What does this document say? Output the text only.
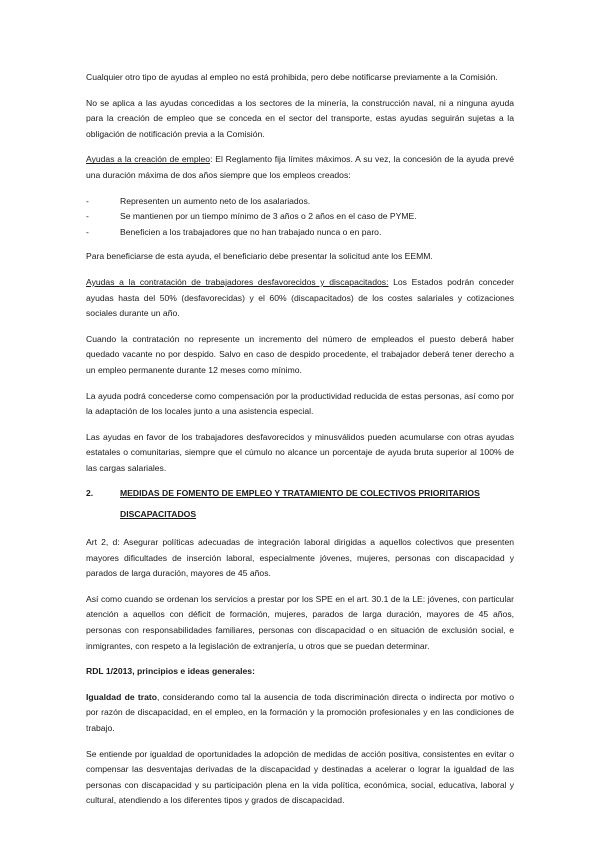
Cualquier otro tipo de ayudas al empleo no está prohibida, pero debe notificarse previamente a la Comisión.

No se aplica a las ayudas concedidas a los sectores de la minería, la construcción naval, ni a ninguna ayuda para la creación de empleo que se conceda en el sector del transporte, estas ayudas seguirán sujetas a la obligación de notificación previa a la Comisión.

Ayudas a la creación de empleo: El Reglamento fija límites máximos. A su vez, la concesión de la ayuda prevé una duración máxima de dos años siempre que los empleos creados:

-	Representen un aumento neto de los asalariados.
-	Se mantienen por un tiempo mínimo de 3 años o 2 años en el caso de PYME.
-	Beneficien a los trabajadores que no han trabajado nunca o en paro.

Para beneficiarse de esta ayuda, el beneficiario debe presentar la solicitud ante los EEMM.

Ayudas a la contratación de trabajadores desfavorecidos y discapacitados: Los Estados podrán conceder ayudas hasta del 50% (desfavorecidas) y el 60% (discapacitados) de los costes salariales y cotizaciones sociales durante un año.

Cuando la contratación no represente un incremento del número de empleados el puesto deberá haber quedado vacante no por despido. Salvo en caso de despido procedente, el trabajador deberá tener derecho a un empleo permanente durante 12 meses como mínimo.

La ayuda podrá concederse como compensación por la productividad reducida de estas personas, así como por la adaptación de los locales junto a una asistencia especial.

Las ayudas en favor de los trabajadores desfavorecidos y minusválidos pueden acumularse con otras ayudas estatales o comunitarias, siempre que el cúmulo no alcance un porcentaje de ayuda bruta superior al 100% de las cargas salariales.

2.	MEDIDAS DE FOMENTO DE EMPLEO Y TRATAMIENTO DE COLECTIVOS PRIORITARIOS
DISCAPACITADOS

Art 2, d: Asegurar políticas adecuadas de integración laboral dirigidas a aquellos colectivos que presenten mayores dificultades de inserción laboral, especialmente jóvenes, mujeres, personas con discapacidad y parados de larga duración, mayores de 45 años.

Así como cuando se ordenan los servicios a prestar por los SPE en el art. 30.1 de la LE: jóvenes, con particular atención a aquellos con déficit de formación, mujeres, parados de larga duración, mayores de 45 años, personas con responsabilidades familiares, personas con discapacidad o en situación de exclusión social, e inmigrantes, con respeto a la legislación de extranjería, u otros que se puedan determinar.

RDL 1/2013, principios e ideas generales:

Igualdad de trato, considerando como tal la ausencia de toda discriminación directa o indirecta por motivo o por razón de discapacidad, en el empleo, en la formación y la promoción profesionales y en las condiciones de trabajo.

Se entiende por igualdad de oportunidades la adopción de medidas de acción positiva, consistentes en evitar o compensar las desventajas derivadas de la discapacidad y destinadas a acelerar o lograr la igualdad de las personas con discapacidad y su participación plena en la vida política, económica, social, educativa, laboral y cultural, atendiendo a los diferentes tipos y grados de discapacidad.
